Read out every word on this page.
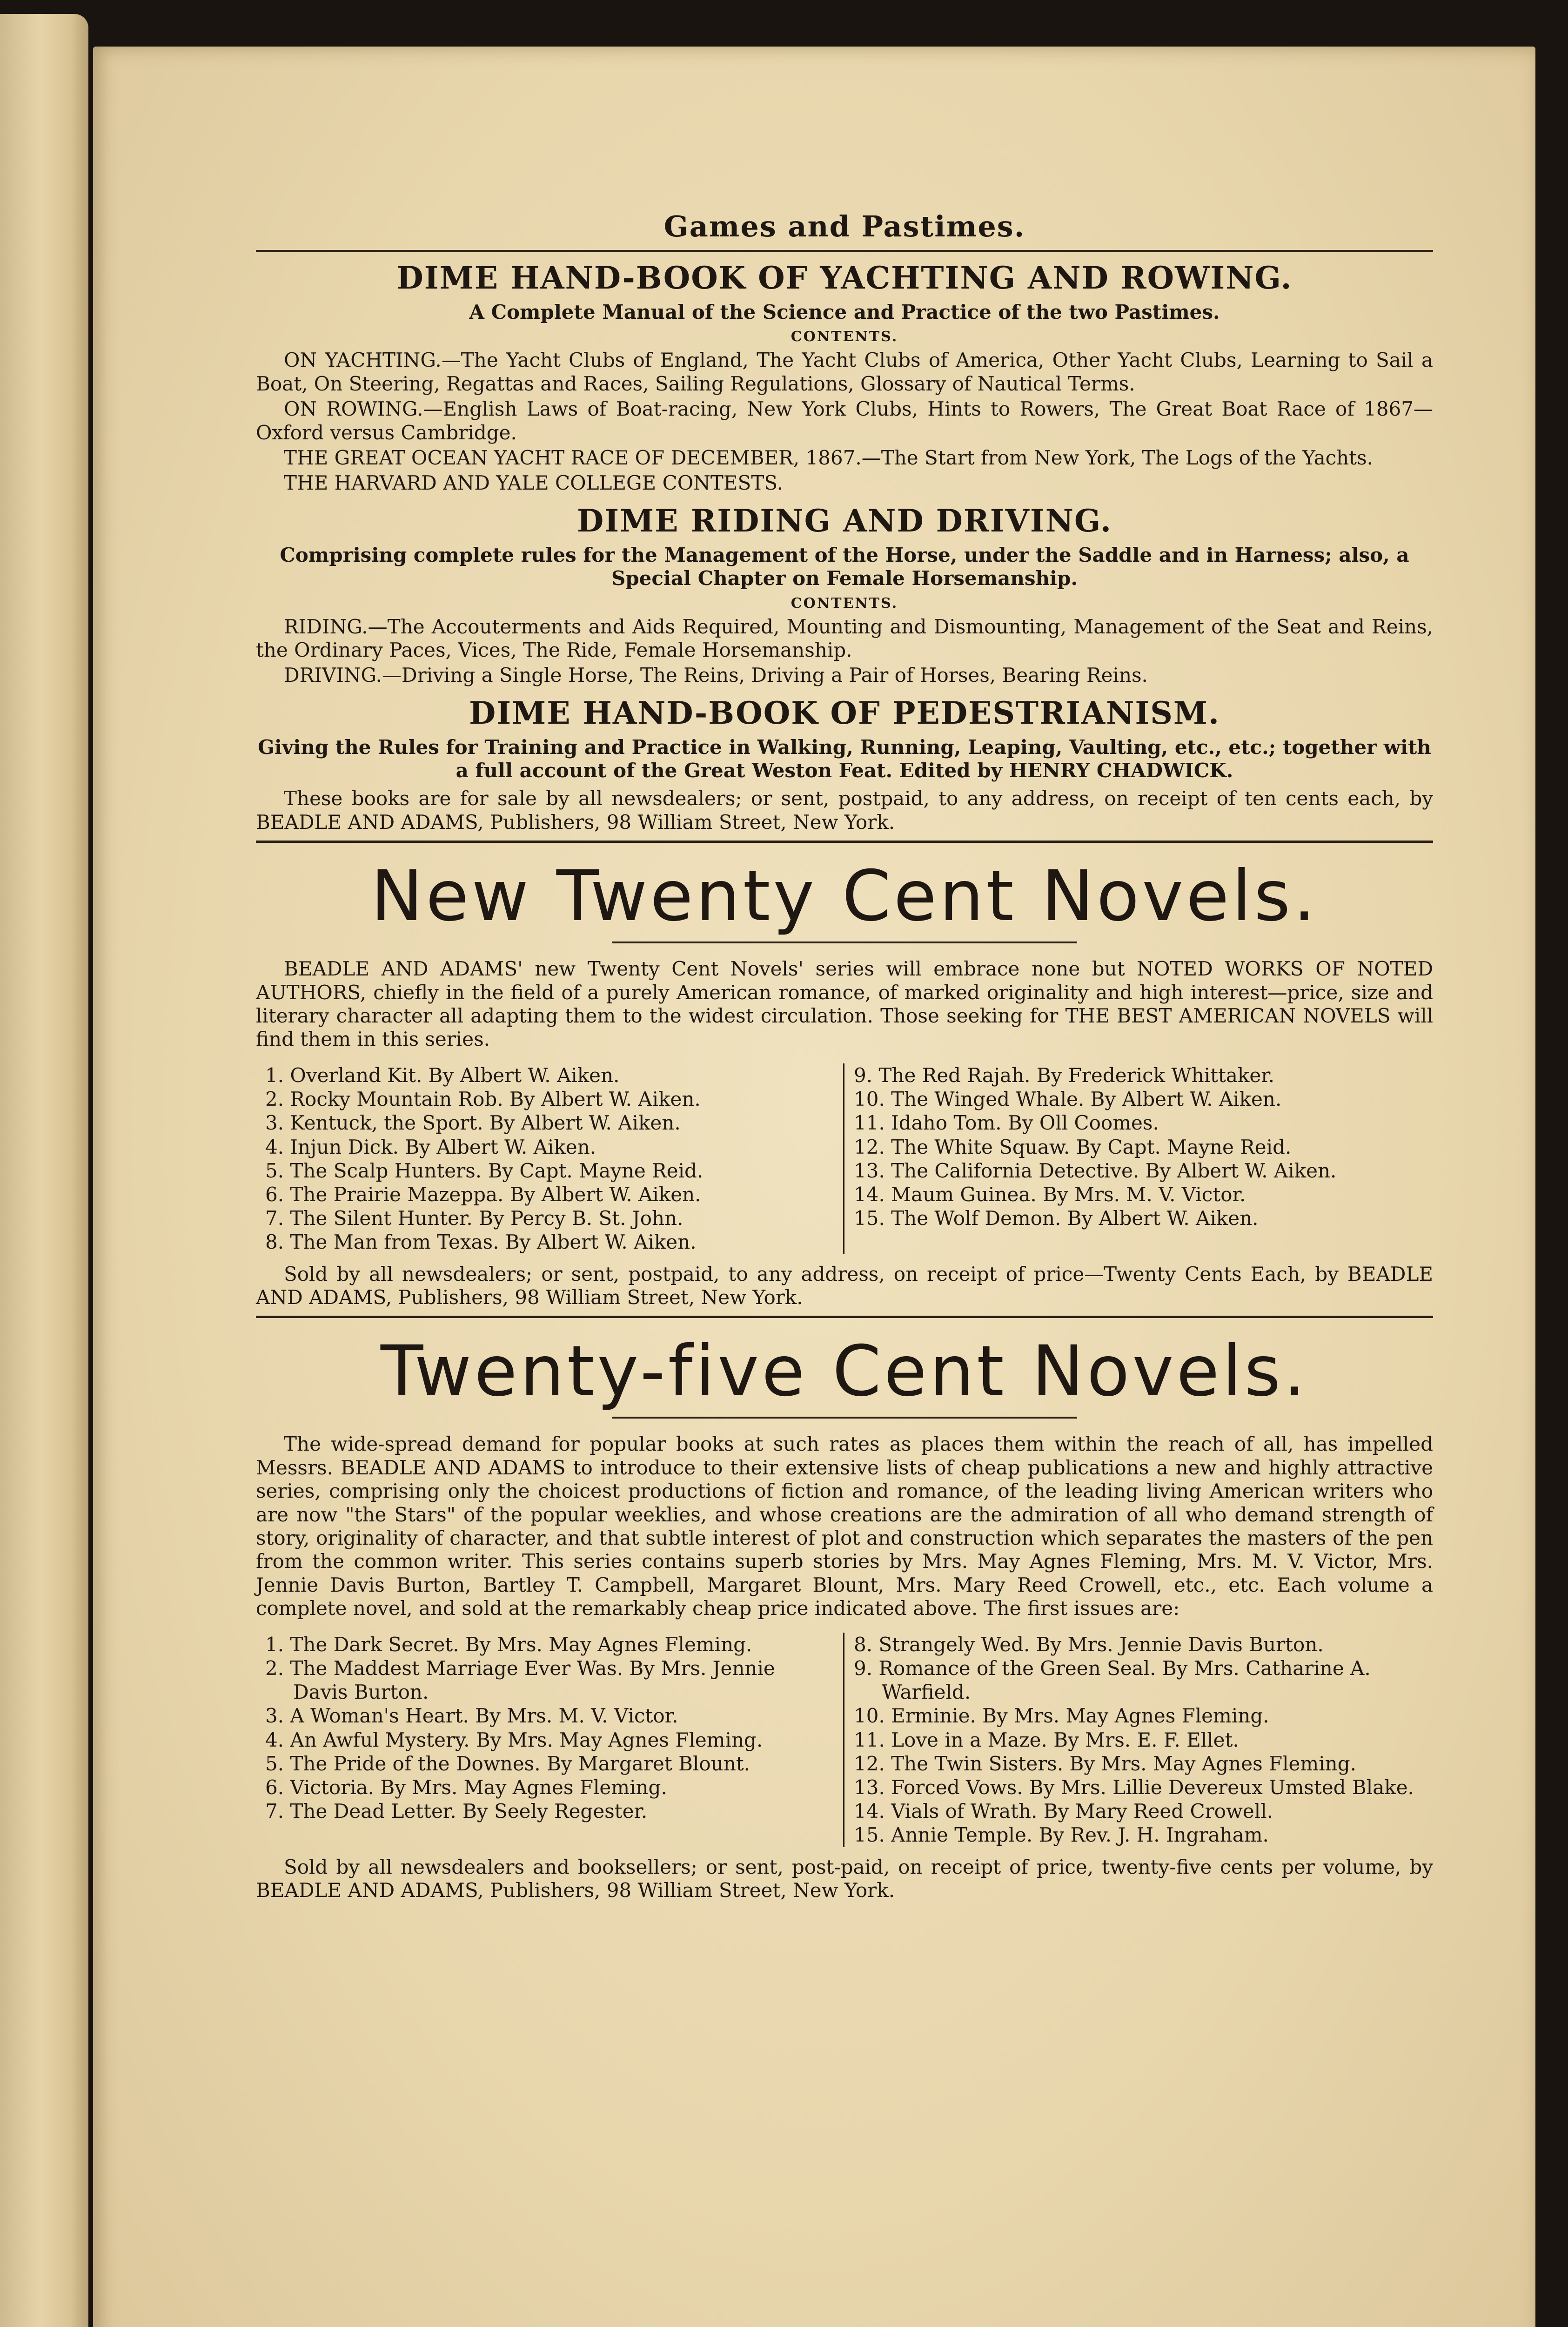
Games and Pastimes.
DIME HAND-BOOK OF YACHTING AND ROWING.
A Complete Manual of the Science and Practice of the two Pastimes.
CONTENTS.
ON YACHTING.—The Yacht Clubs of England, The Yacht Clubs of America, Other Yacht Clubs, Learning to Sail a Boat, On Steering, Regattas and Races, Sailing Regulations, Glossary of Nautical Terms.
ON ROWING.—English Laws of Boat-racing, New York Clubs, Hints to Rowers, The Great Boat Race of 1867—Oxford versus Cambridge.
THE GREAT OCEAN YACHT RACE OF DECEMBER, 1867.—The Start from New York, The Logs of the Yachts.
THE HARVARD AND YALE COLLEGE CONTESTS.
DIME RIDING AND DRIVING.
Comprising complete rules for the Management of the Horse, under the Saddle and in Harness; also, a Special Chapter on Female Horsemanship.
CONTENTS.
RIDING.—The Accouterments and Aids Required, Mounting and Dismounting, Management of the Seat and Reins, the Ordinary Paces, Vices, The Ride, Female Horsemanship.
DRIVING.—Driving a Single Horse, The Reins, Driving a Pair of Horses, Bearing Reins.
DIME HAND-BOOK OF PEDESTRIANISM.
Giving the Rules for Training and Practice in Walking, Running, Leaping, Vaulting, etc., etc.; together with a full account of the Great Weston Feat. Edited by HENRY CHADWICK.
These books are for sale by all newsdealers; or sent, postpaid, to any address, on receipt of ten cents each, by BEADLE AND ADAMS, Publishers, 98 William Street, New York.
New Twenty Cent Novels.
BEADLE AND ADAMS' new Twenty Cent Novels' series will embrace none but NOTED WORKS OF NOTED AUTHORS, chiefly in the field of a purely American romance, of marked originality and high interest—price, size and literary character all adapting them to the widest circulation. Those seeking for THE BEST AMERICAN NOVELS will find them in this series.
1. Overland Kit. By Albert W. Aiken.
2. Rocky Mountain Rob. By Albert W. Aiken.
3. Kentuck, the Sport. By Albert W. Aiken.
4. Injun Dick. By Albert W. Aiken.
5. The Scalp Hunters. By Capt. Mayne Reid.
6. The Prairie Mazeppa. By Albert W. Aiken.
7. The Silent Hunter. By Percy B. St. John.
8. The Man from Texas. By Albert W. Aiken.
9. The Red Rajah. By Frederick Whittaker.
10. The Winged Whale. By Albert W. Aiken.
11. Idaho Tom. By Oll Coomes.
12. The White Squaw. By Capt. Mayne Reid.
13. The California Detective. By Albert W. Aiken.
14. Maum Guinea. By Mrs. M. V. Victor.
15. The Wolf Demon. By Albert W. Aiken.
Sold by all newsdealers; or sent, postpaid, to any address, on receipt of price—Twenty Cents Each, by BEADLE AND ADAMS, Publishers, 98 William Street, New York.
Twenty-five Cent Novels.
The wide-spread demand for popular books at such rates as places them within the reach of all, has impelled Messrs. BEADLE AND ADAMS to introduce to their extensive lists of cheap publications a new and highly attractive series, comprising only the choicest productions of fiction and romance, of the leading living American writers who are now "the Stars" of the popular weeklies, and whose creations are the admiration of all who demand strength of story, originality of character, and that subtle interest of plot and construction which separates the masters of the pen from the common writer. This series contains superb stories by Mrs. May Agnes Fleming, Mrs. M. V. Victor, Mrs. Jennie Davis Burton, Bartley T. Campbell, Margaret Blount, Mrs. Mary Reed Crowell, etc., etc. Each volume a complete novel, and sold at the remarkably cheap price indicated above. The first issues are:
1. The Dark Secret. By Mrs. May Agnes Fleming.
2. The Maddest Marriage Ever Was. By Mrs. Jennie Davis Burton.
3. A Woman's Heart. By Mrs. M. V. Victor.
4. An Awful Mystery. By Mrs. May Agnes Fleming.
5. The Pride of the Downes. By Margaret Blount.
6. Victoria. By Mrs. May Agnes Fleming.
7. The Dead Letter. By Seely Regester.
8. Strangely Wed. By Mrs. Jennie Davis Burton.
9. Romance of the Green Seal. By Mrs. Catharine A. Warfield.
10. Erminie. By Mrs. May Agnes Fleming.
11. Love in a Maze. By Mrs. E. F. Ellet.
12. The Twin Sisters. By Mrs. May Agnes Fleming.
13. Forced Vows. By Mrs. Lillie Devereux Umsted Blake.
14. Vials of Wrath. By Mary Reed Crowell.
15. Annie Temple. By Rev. J. H. Ingraham.
Sold by all newsdealers and booksellers; or sent, post-paid, on receipt of price, twenty-five cents per volume, by BEADLE AND ADAMS, Publishers, 98 William Street, New York.
